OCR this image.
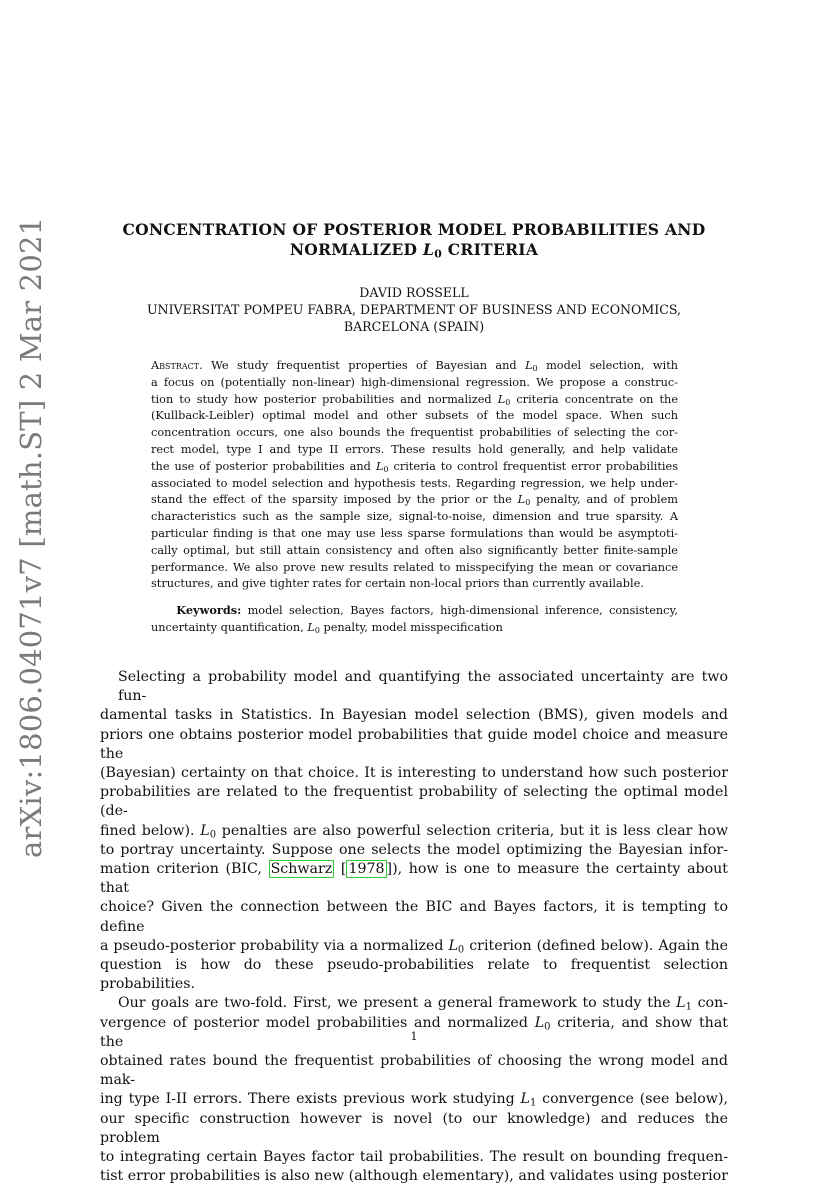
arXiv:1806.04071v7 [math.ST] 2 Mar 2021	CONCENTRATION OF POSTERIOR MODEL PROBABILITIES AND
NORMALIZED $L_0$ CRITERIA
DAVID ROSSELL
UNIVERSITAT POMPEU FABRA, DEPARTMENT OF BUSINESS AND ECONOMICS,
BARCELONA (SPAIN)
Abstract. We study frequentist properties of Bayesian and $L_0$ model selection, with
a focus on (potentially non-linear) high-dimensional regression. We propose a construc-
tion to study how posterior probabilities and normalized $L_0$ criteria concentrate on the
(Kullback-Leibler) optimal model and other subsets of the model space. When such
concentration occurs, one also bounds the frequentist probabilities of selecting the cor-
rect model, type I and type II errors. These results hold generally, and help validate
the use of posterior probabilities and $L_0$ criteria to control frequentist error probabilities
associated to model selection and hypothesis tests. Regarding regression, we help under-
stand the effect of the sparsity imposed by the prior or the $L_0$ penalty, and of problem
characteristics such as the sample size, signal-to-noise, dimension and true sparsity. A
particular finding is that one may use less sparse formulations than would be asymptoti-
cally optimal, but still attain consistency and often also significantly better finite-sample
performance. We also prove new results related to misspecifying the mean or covariance
structures, and give tighter rates for certain non-local priors than currently available.
Keywords: model selection, Bayes factors, high-dimensional inference, consistency,
uncertainty quantification, $L_0$ penalty, model misspecification
Selecting a probability model and quantifying the associated uncertainty are two fun-
damental tasks in Statistics. In Bayesian model selection (BMS), given models and
priors one obtains posterior model probabilities that guide model choice and measure the
(Bayesian) certainty on that choice. It is interesting to understand how such posterior
probabilities are related to the frequentist probability of selecting the optimal model (de-
fined below). $L_0$ penalties are also powerful selection criteria, but it is less clear how
to portray uncertainty. Suppose one selects the model optimizing the Bayesian infor-
mation criterion (BIC, Schwarz [ 1978 ]), how is one to measure the certainty about that
choice? Given the connection between the BIC and Bayes factors, it is tempting to define
a pseudo-posterior probability via a normalized $L_0$ criterion (defined below). Again the
question is how do these pseudo-probabilities relate to frequentist selection probabilities.
Our goals are two-fold. First, we present a general framework to study the $L_1$ con-
vergence of posterior model probabilities and normalized $L_0$ criteria, and show that the
obtained rates bound the frequentist probabilities of choosing the wrong model and mak-
ing type I-II errors. There exists previous work studying $L_1$ convergence (see below),
our specific construction however is novel (to our knowledge) and reduces the problem
to integrating certain Bayes factor tail probabilities. The result on bounding frequen-
tist error probabilities is also new (although elementary), and validates using posterior
1
